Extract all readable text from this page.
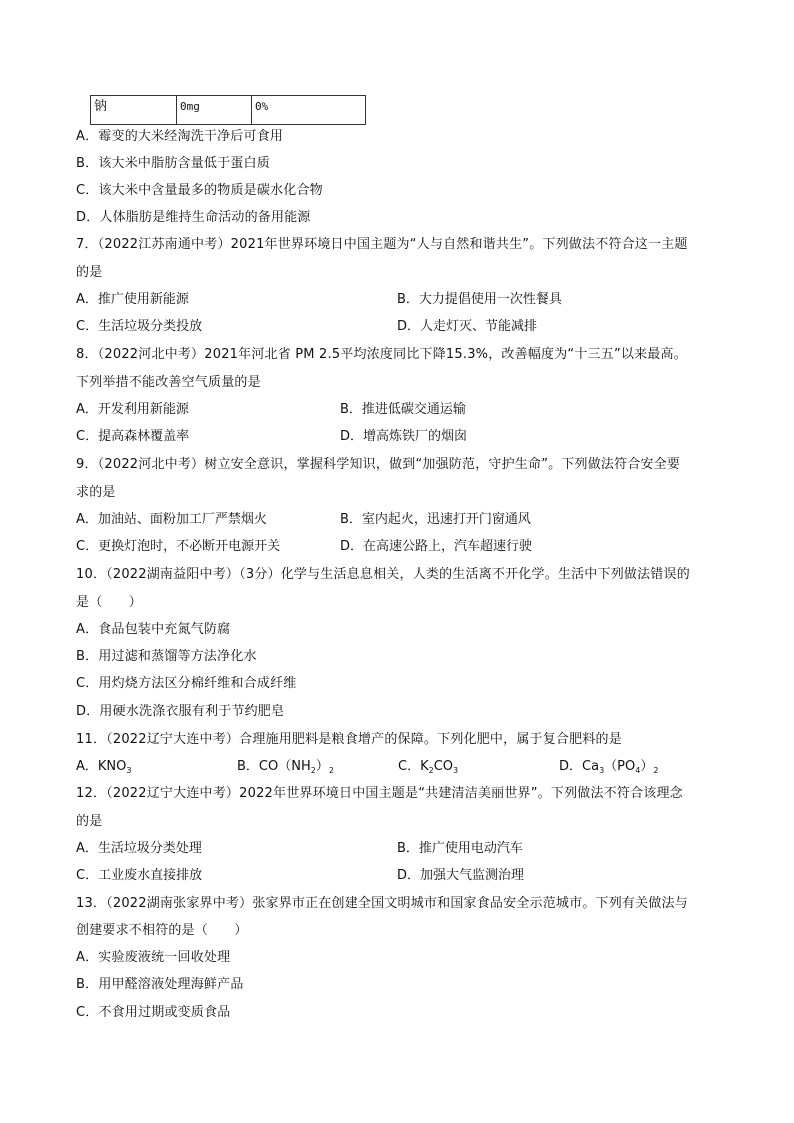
钠	0mg	0%
A．霉变的大米经淘洗干净后可食用
B．该大米中脂肪含量低于蛋白质
C．该大米中含量最多的物质是碳水化合物
D．人体脂肪是维持生命活动的备用能源
7．（2022江苏南通中考）2021年世界环境日中国主题为“人与自然和谐共生”。下列做法不符合这一主题
的是
A．推广使用新能源	B．大力提倡使用一次性餐具
C．生活垃圾分类投放	D．人走灯灭、节能减排
8．（2022河北中考）2021年河北省 PM 2.5平均浓度同比下降15.3%，改善幅度为“十三五”以来最高。
下列举措不能改善空气质量的是
A．开发利用新能源	B．推进低碳交通运输
C．提高森林覆盖率	D．增高炼铁厂的烟囱
9．（2022河北中考）树立安全意识，掌握科学知识，做到“加强防范，守护生命”。下列做法符合安全要
求的是
A．加油站、面粉加工厂严禁烟火	B．室内起火，迅速打开门窗通风
C．更换灯泡时，不必断开电源开关	D．在高速公路上，汽车超速行驶
10．（2022湖南益阳中考）（3分）化学与生活息息相关，人类的生活离不开化学。生活中下列做法错误的
是（　　）
A．食品包装中充氮气防腐
B．用过滤和蒸馏等方法净化水
C．用灼烧方法区分棉纤维和合成纤维
D．用硬水洗涤衣服有利于节约肥皂
11．（2022辽宁大连中考）合理施用肥料是粮食增产的保障。下列化肥中，属于复合肥料的是
A．$KNO_3$	B．$CO(NH_2)_2$	C．$K_2CO_3$	D．$Ca_3(PO_4)_2$
12．（2022辽宁大连中考）2022年世界环境日中国主题是“共建清洁美丽世界”。下列做法不符合该理念
的是
A．生活垃圾分类处理	B．推广使用电动汽车
C．工业废水直接排放	D．加强大气监测治理
13．（2022湖南张家界中考）张家界市正在创建全国文明城市和国家食品安全示范城市。下列有关做法与
创建要求不相符的是（　　）
A．实验废液统一回收处理
B．用甲醛溶液处理海鲜产品
C．不食用过期或变质食品
